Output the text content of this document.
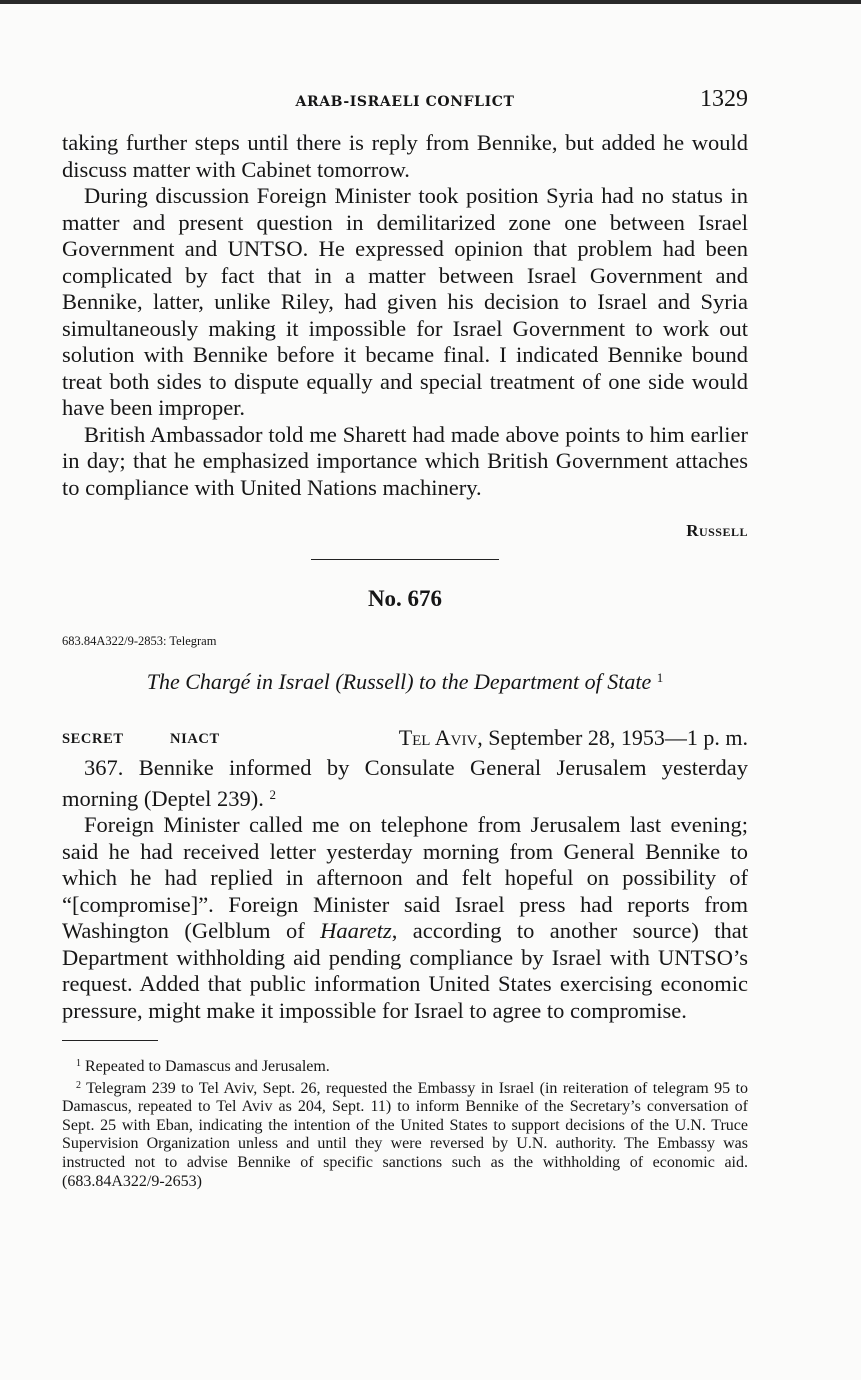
ARAB-ISRAELI CONFLICT	1329

taking further steps until there is reply from Bennike, but added he would discuss matter with Cabinet tomorrow.

During discussion Foreign Minister took position Syria had no status in matter and present question in demilitarized zone one between Israel Government and UNTSO. He expressed opinion that problem had been complicated by fact that in a matter between Israel Government and Bennike, latter, unlike Riley, had given his decision to Israel and Syria simultaneously making it impossible for Israel Government to work out solution with Bennike before it became final. I indicated Bennike bound treat both sides to dispute equally and special treatment of one side would have been improper.

British Ambassador told me Sharett had made above points to him earlier in day; that he emphasized importance which British Government attaches to compliance with United Nations machinery.

Russell
No. 676
683.84A322/9-2853: Telegram
The Chargé in Israel (Russell) to the Department of State $^1$
SECRET	NIACT	Tel Aviv, September 28, 1953—1 p. m.

367. Bennike informed by Consulate General Jerusalem yesterday morning (Deptel 239). $^2$

Foreign Minister called me on telephone from Jerusalem last evening; said he had received letter yesterday morning from General Bennike to which he had replied in afternoon and felt hopeful on possibility of “[compromise]”. Foreign Minister said Israel press had reports from Washington (Gelblum of Haaretz, according to another source) that Department withholding aid pending compliance by Israel with UNTSO’s request. Added that public information United States exercising economic pressure, might make it impossible for Israel to agree to compromise.

$^1$ Repeated to Damascus and Jerusalem.

$^2$ Telegram 239 to Tel Aviv, Sept. 26, requested the Embassy in Israel (in reiteration of telegram 95 to Damascus, repeated to Tel Aviv as 204, Sept. 11) to inform Bennike of the Secretary’s conversation of Sept. 25 with Eban, indicating the intention of the United States to support decisions of the U.N. Truce Supervision Organization unless and until they were reversed by U.N. authority. The Embassy was instructed not to advise Bennike of specific sanctions such as the withholding of economic aid. (683.84A322/9-2653)
